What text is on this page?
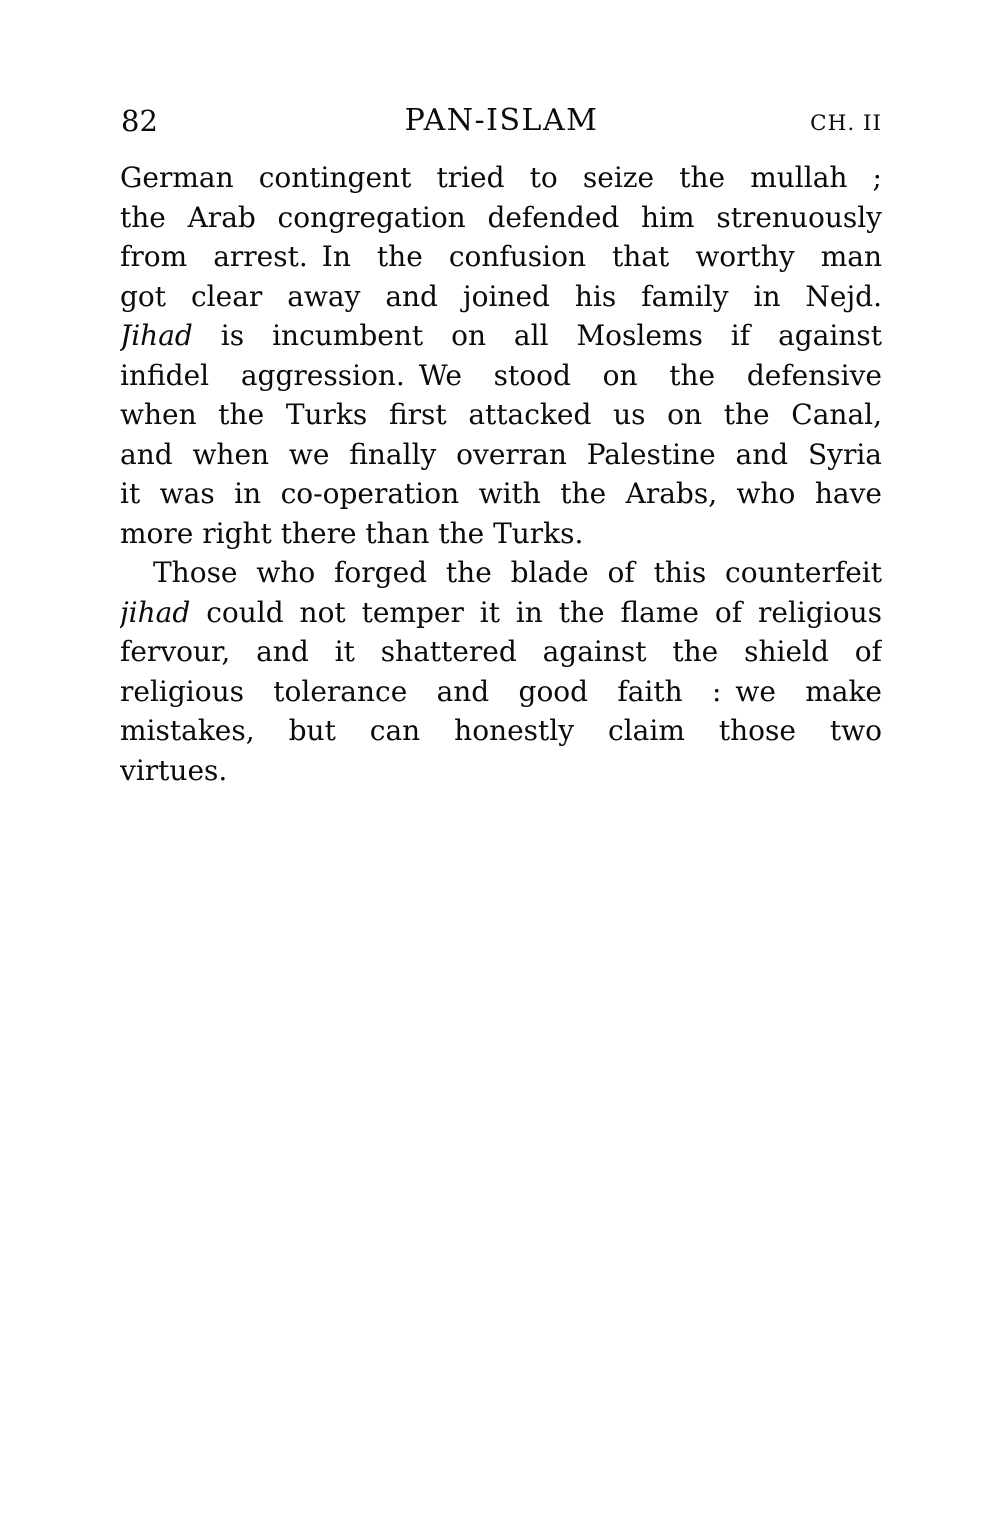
82	PAN-ISLAM	CH. II
German contingent tried to seize the mullah ;
the Arab congregation defended him strenuously
from arrest. In the confusion that worthy man
got clear away and joined his family in Nejd.
Jihad is incumbent on all Moslems if against
infidel aggression. We stood on the defensive
when the Turks first attacked us on the Canal,
and when we finally overran Palestine and Syria
it was in co-operation with the Arabs, who have
more right there than the Turks.
Those who forged the blade of this counterfeit
jihad could not temper it in the flame of religious
fervour, and it shattered against the shield of
religious tolerance and good faith : we make
mistakes, but can honestly claim those two
virtues.
